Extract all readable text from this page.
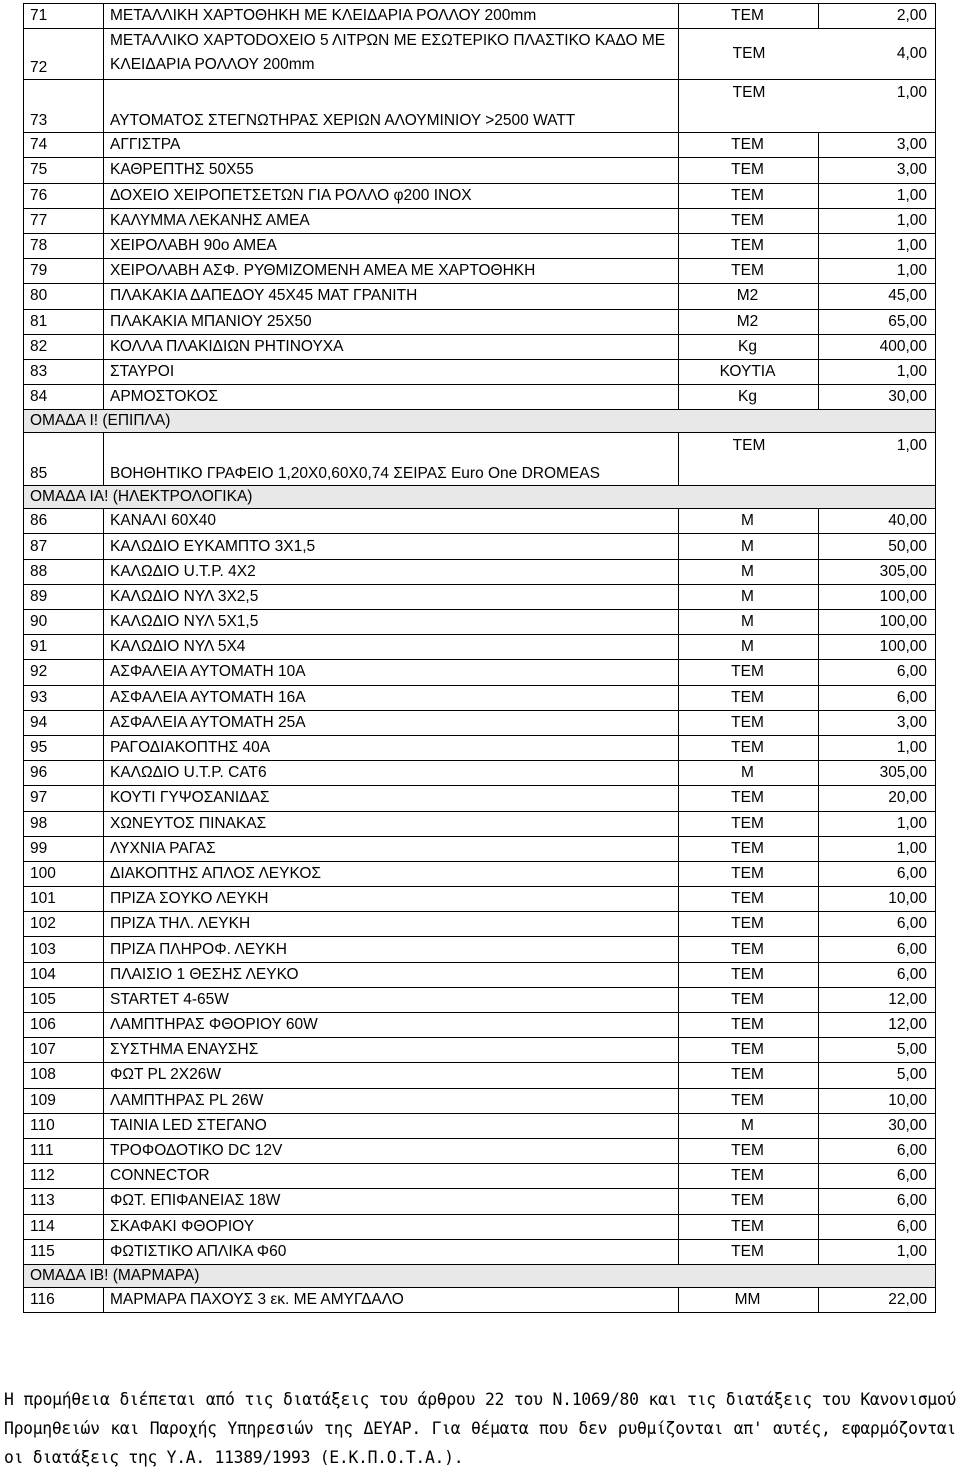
71	ΜΕΤΑΛΛΙΚΗ ΧΑΡΤΟΘΗΚΗ ΜΕ ΚΛΕΙΔΑΡΙΑ ΡΟΛΛΟΥ 200mm	ΤΕΜ	2,00
72	ΜΕΤΑΛΛΙΚΟ ΧΑΡΤΟDOXΕΙΟ 5 ΛΙΤΡΩΝ ΜΕ ΕΣΩΤΕΡΙΚΟ ΠΛΑΣΤΙΚΟ ΚΑΔΟ ΜΕ ΚΛΕΙΔΑΡΙΑ ΡΟΛΛΟΥ 200mm	ΤΕΜ 4,00	

73	ΑΥΤΟΜΑΤΟΣ ΣΤΕΓΝΩΤΗΡΑΣ ΧΕΡΙΩΝ ΑΛΟΥΜΙΝΙΟΥ >2500 WATT	ΤΕΜ 1,00	

74	ΑΓΓΙΣΤΡΑ	ΤΕΜ	3,00
75	ΚΑΘΡΕΠΤΗΣ 50Χ55	ΤΕΜ	3,00
76	ΔΟΧΕΙΟ ΧΕΙΡΟΠΕΤΣΕΤΩΝ ΓΙΑ ΡΟΛΛΟ φ200 INOX	ΤΕΜ	1,00
77	ΚΑΛΥΜΜΑ ΛΕΚΑΝΗΣ ΑΜΕΑ	ΤΕΜ	1,00
78	ΧΕΙΡΟΛΑΒΗ 90ο ΑΜΕΑ	ΤΕΜ	1,00
79	ΧΕΙΡΟΛΑΒΗ ΑΣΦ. ΡΥΘΜΙΖΟΜΕΝΗ ΑΜΕΑ ΜΕ ΧΑΡΤΟΘΗΚΗ	ΤΕΜ	1,00
80	ΠΛΑΚΑΚΙΑ ΔΑΠΕΔΟΥ 45Χ45 ΜΑΤ ΓΡΑΝΙΤΗ	Μ2	45,00
81	ΠΛΑΚΑΚΙΑ ΜΠΑΝΙΟΥ 25Χ50	Μ2	65,00
82	ΚΟΛΛΑ ΠΛΑΚΙΔΙΩΝ ΡΗΤΙΝΟΥΧΑ	Kg	400,00
83	ΣΤΑΥΡΟΙ	ΚΟΥΤΙΑ	1,00
84	ΑΡΜΟΣΤΟΚΟΣ	Kg	30,00
ΟΜΑΔΑ Ι! (ΕΠΙΠΛΑ)			
85	ΒΟΗΘΗΤΙΚΟ ΓΡΑΦΕΙΟ 1,20Χ0,60Χ0,74 ΣΕΙΡΑΣ Euro One DROMEAS	ΤΕΜ 1,00	

ΟΜΑΔΑ ΙΑ! (ΗΛΕΚΤΡΟΛΟΓΙΚΑ)			
86	ΚΑΝΑΛΙ 60Χ40	Μ	40,00
87	ΚΑΛΩΔΙΟ ΕΥΚΑΜΠΤΟ 3Χ1,5	Μ	50,00
88	ΚΑΛΩΔΙΟ U.T.P. 4Χ2	Μ	305,00
89	ΚΑΛΩΔΙΟ ΝΥΛ 3Χ2,5	Μ	100,00
90	ΚΑΛΩΔΙΟ ΝΥΛ 5Χ1,5	Μ	100,00
91	ΚΑΛΩΔΙΟ ΝΥΛ 5Χ4	Μ	100,00
92	ΑΣΦΑΛΕΙΑ ΑΥΤΟΜΑΤΗ 10Α	ΤΕΜ	6,00
93	ΑΣΦΑΛΕΙΑ ΑΥΤΟΜΑΤΗ 16Α	ΤΕΜ	6,00
94	ΑΣΦΑΛΕΙΑ ΑΥΤΟΜΑΤΗ 25Α	ΤΕΜ	3,00
95	ΡΑΓΟΔΙΑΚΟΠΤΗΣ 40Α	ΤΕΜ	1,00
96	ΚΑΛΩΔΙΟ U.T.P. CAT6	Μ	305,00
97	ΚΟΥΤΙ ΓΥΨΟΣΑΝΙΔΑΣ	ΤΕΜ	20,00
98	ΧΩΝΕΥΤΟΣ ΠΙΝΑΚΑΣ	ΤΕΜ	1,00
99	ΛΥΧΝΙΑ ΡΑΓΑΣ	ΤΕΜ	1,00
100	ΔΙΑΚΟΠΤΗΣ ΑΠΛΟΣ ΛΕΥΚΟΣ	ΤΕΜ	6,00
101	ΠΡΙΖΑ ΣΟΥΚΟ ΛΕΥΚΗ	ΤΕΜ	10,00
102	ΠΡΙΖΑ ΤΗΛ. ΛΕΥΚΗ	ΤΕΜ	6,00
103	ΠΡΙΖΑ ΠΛΗΡΟΦ. ΛΕΥΚΗ	ΤΕΜ	6,00
104	ΠΛΑΙΣΙΟ 1 ΘΕΣΗΣ ΛΕΥΚΟ	ΤΕΜ	6,00
105	STARTET 4-65W	ΤΕΜ	12,00
106	ΛΑΜΠΤΗΡΑΣ ΦΘΟΡΙΟΥ 60W	ΤΕΜ	12,00
107	ΣΥΣΤΗΜΑ ΕΝΑΥΣΗΣ	ΤΕΜ	5,00
108	ΦΩΤ PL 2Χ26W	ΤΕΜ	5,00
109	ΛΑΜΠΤΗΡΑΣ PL 26W	ΤΕΜ	10,00
110	ΤΑΙΝΙΑ LED ΣΤΕΓΑΝΟ	Μ	30,00
111	ΤΡΟΦΟΔΟΤΙΚΟ DC 12V	ΤΕΜ	6,00
112	CONNECTOR	ΤΕΜ	6,00
113	ΦΩΤ. ΕΠΙΦΑΝΕΙΑΣ 18W	ΤΕΜ	6,00
114	ΣΚΑΦΑΚΙ ΦΘΟΡΙΟΥ	ΤΕΜ	6,00
115	ΦΩΤΙΣΤΙΚΟ ΑΠΛΙΚΑ Φ60	ΤΕΜ	1,00
ΟΜΑΔΑ ΙΒ! (ΜΑΡΜΑΡΑ)			
116	ΜΑΡΜΑΡΑ ΠΑΧΟΥΣ 3 εκ. ΜΕ ΑΜΥΓΔΑΛΟ	ΜΜ	22,00
Η προμήθεια διέπεται από τις διατάξεις του άρθρου 22 του Ν.1069/80 και τις διατάξεις του Κανονισμού Προμηθειών και Παροχής Υπηρεσιών της ΔΕΥΑΡ. Για θέματα που δεν ρυθμίζονται απ' αυτές, εφαρμόζονται οι διατάξεις της Υ.Α. 11389/1993 (Ε.Κ.Π.Ο.Τ.Α.).
